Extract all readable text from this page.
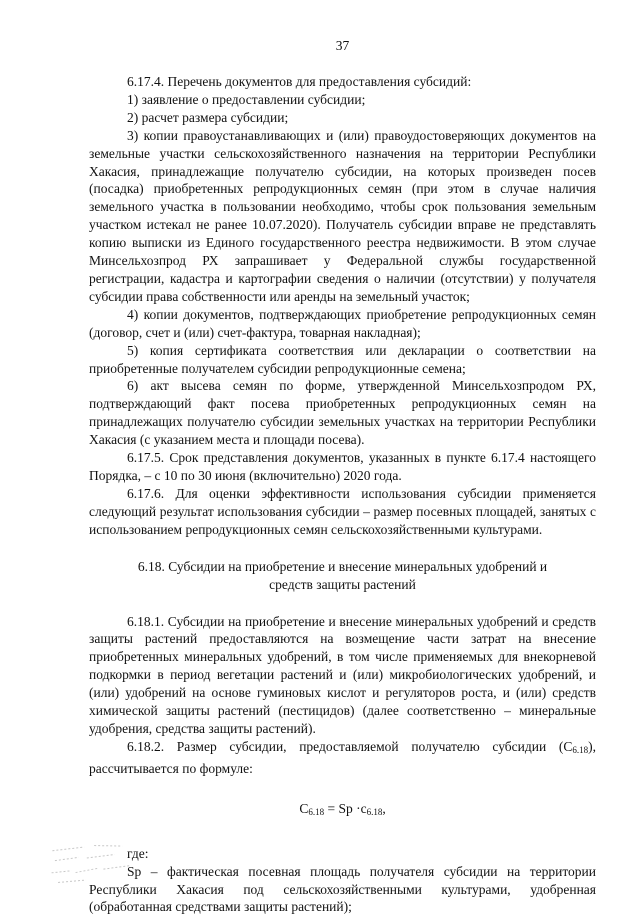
37

6.17.4. Перечень документов для предоставления субсидий:

1) заявление о предоставлении субсидии;

2) расчет размера субсидии;

3) копии правоустанавливающих и (или) правоудостоверяющих документов на земельные участки сельскохозяйственного назначения на территории Республики Хакасия, принадлежащие получателю субсидии, на которых произведен посев (посадка) приобретенных репродукционных семян (при этом в случае наличия земельного участка в пользовании необходимо, чтобы срок пользования земельным участком истекал не ранее 10.07.2020). Получатель субсидии вправе не представлять копию выписки из Единого государственного реестра недвижимости. В этом случае Минсельхозпрод РХ запрашивает у Федеральной службы государственной регистрации, кадастра и картографии сведения о наличии (отсутствии) у получателя субсидии права собственности или аренды на земельный участок;

4) копии документов, подтверждающих приобретение репродукционных семян (договор, счет и (или) счет-фактура, товарная накладная);

5) копия сертификата соответствия или декларации о соответствии на приобретенные получателем субсидии репродукционные семена;

6) акт высева семян по форме, утвержденной Минсельхозпродом РХ, подтверждающий факт посева приобретенных репродукционных семян на принадлежащих получателю субсидии земельных участках на территории Республики Хакасия (с указанием места и площади посева).

6.17.5. Срок представления документов, указанных в пункте 6.17.4 настоящего Порядка, – с 10 по 30 июня (включительно) 2020 года.

6.17.6. Для оценки эффективности использования субсидии применяется следующий результат использования субсидии – размер посевных площадей, занятых с использованием репродукционных семян сельскохозяйственными культурами.

6.18. Субсидии на приобретение и внесение минеральных удобрений и средств защиты растений

6.18.1. Субсидии на приобретение и внесение минеральных удобрений и средств защиты растений предоставляются на возмещение части затрат на внесение приобретенных минеральных удобрений, в том числе применяемых для внекорневой подкормки в период вегетации растений и (или) микробиологических удобрений, и (или) удобрений на основе гуминовых кислот и регуляторов роста, и (или) средств химической защиты растений (пестицидов) (далее соответственно – минеральные удобрения, средства защиты растений).

6.18.2. Размер субсидии, предоставляемой получателю субсидии (С6.18), рассчитывается по формуле:

$С_{6.18} = Sp \cdot с_{6.18}$,

где:

Sp – фактическая посевная площадь получателя субсидии на территории Республики Хакасия под сельскохозяйственными культурами, удобренная (обработанная средствами защиты растений);
